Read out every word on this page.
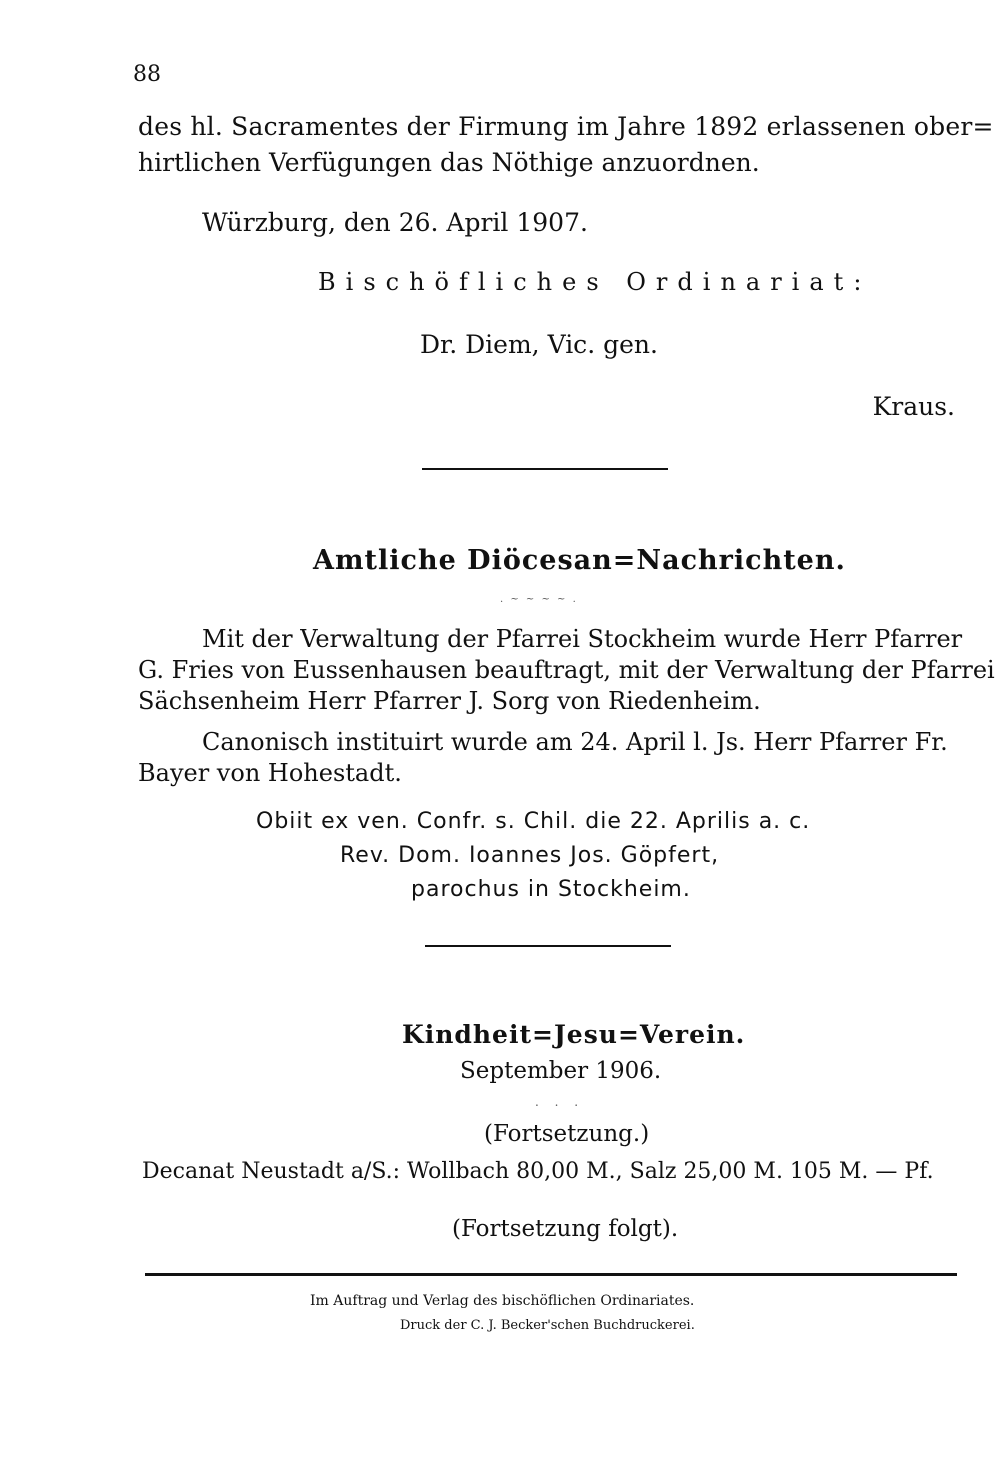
88
des hl. Sacramentes der Firmung im Jahre 1892 erlassenen ober=
hirtlichen Verfügungen das Nöthige anzuordnen.
Würzburg, den 26. April 1907.
Bischöfliches Ordinariat:
Dr. Diem, Vic. gen.
Kraus.
Amtliche Diöcesan=Nachrichten.
. ~ ~ ~ ~ .
Mit der Verwaltung der Pfarrei Stockheim wurde Herr Pfarrer
G. Fries von Eussenhausen beauftragt, mit der Verwaltung der Pfarrei
Sächsenheim Herr Pfarrer J. Sorg von Riedenheim.
Canonisch instituirt wurde am 24. April l. Js. Herr Pfarrer Fr.
Bayer von Hohestadt.
Obiit ex ven. Confr. s. Chil. die 22. Aprilis a. c.
Rev. Dom. Ioannes Jos. Göpfert,
parochus in Stockheim.
Kindheit=Jesu=Verein.
September 1906.
. . .
(Fortsetzung.)
Decanat Neustadt a/S.: Wollbach 80,00 M., Salz 25,00 M. 105 M. — Pf.
(Fortsetzung folgt).
Im Auftrag und Verlag des bischöflichen Ordinariates.
Druck der C. J. Becker'schen Buchdruckerei.
